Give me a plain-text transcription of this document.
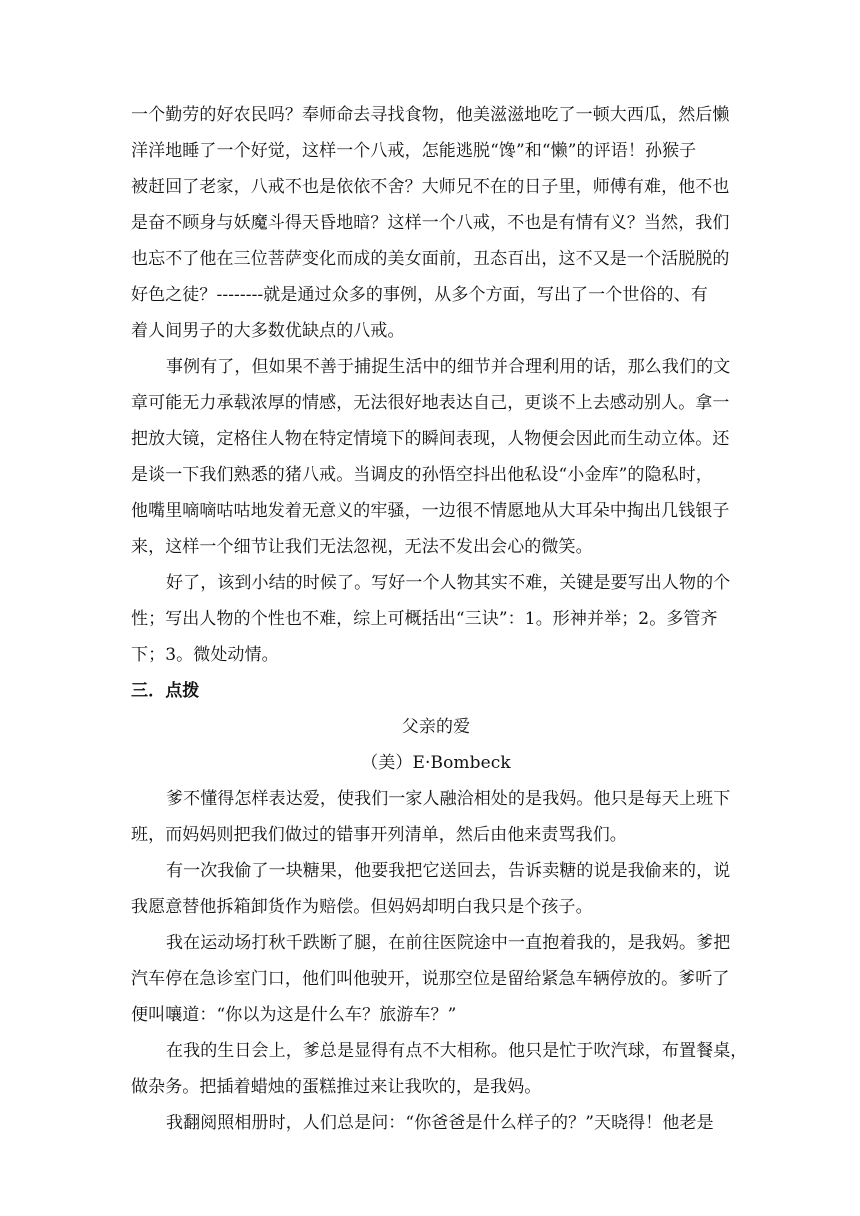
一个勤劳的好农民吗？奉师命去寻找食物，他美滋滋地吃了一顿大西瓜，然后懒
洋洋地睡了一个好觉，这样一个八戒，怎能逃脱“馋”和“懒”的评语！孙猴子
被赶回了老家，八戒不也是依依不舍？大师兄不在的日子里，师傅有难，他不也
是奋不顾身与妖魔斗得天昏地暗？这样一个八戒，不也是有情有义？当然，我们
也忘不了他在三位菩萨变化而成的美女面前，丑态百出，这不又是一个活脱脱的
好色之徒？--------就是通过众多的事例，从多个方面，写出了一个世俗的、有
着人间男子的大多数优缺点的八戒。
事例有了，但如果不善于捕捉生活中的细节并合理利用的话，那么我们的文
章可能无力承载浓厚的情感，无法很好地表达自己，更谈不上去感动别人。拿一
把放大镜，定格住人物在特定情境下的瞬间表现，人物便会因此而生动立体。还
是谈一下我们熟悉的猪八戒。当调皮的孙悟空抖出他私设“小金库”的隐私时，
他嘴里嘀嘀咕咕地发着无意义的牢骚，一边很不情愿地从大耳朵中掏出几钱银子
来，这样一个细节让我们无法忽视，无法不发出会心的微笑。
好了，该到小结的时候了。写好一个人物其实不难，关键是要写出人物的个
性；写出人物的个性也不难，综上可概括出“三诀”：1。形神并举；2。多管齐
下；3。微处动情。
三．点拨
父亲的爱
（美）E·Bombeck
爹不懂得怎样表达爱，使我们一家人融洽相处的是我妈。他只是每天上班下
班，而妈妈则把我们做过的错事开列清单，然后由他来责骂我们。
有一次我偷了一块糖果，他要我把它送回去，告诉卖糖的说是我偷来的，说
我愿意替他拆箱卸货作为赔偿。但妈妈却明白我只是个孩子。
我在运动场打秋千跌断了腿，在前往医院途中一直抱着我的，是我妈。爹把
汽车停在急诊室门口，他们叫他驶开，说那空位是留给紧急车辆停放的。爹听了
便叫嚷道：“你以为这是什么车？旅游车？”
在我的生日会上，爹总是显得有点不大相称。他只是忙于吹汽球，布置餐桌，
做杂务。把插着蜡烛的蛋糕推过来让我吹的，是我妈。
我翻阅照相册时，人们总是问：“你爸爸是什么样子的？”天晓得！他老是
